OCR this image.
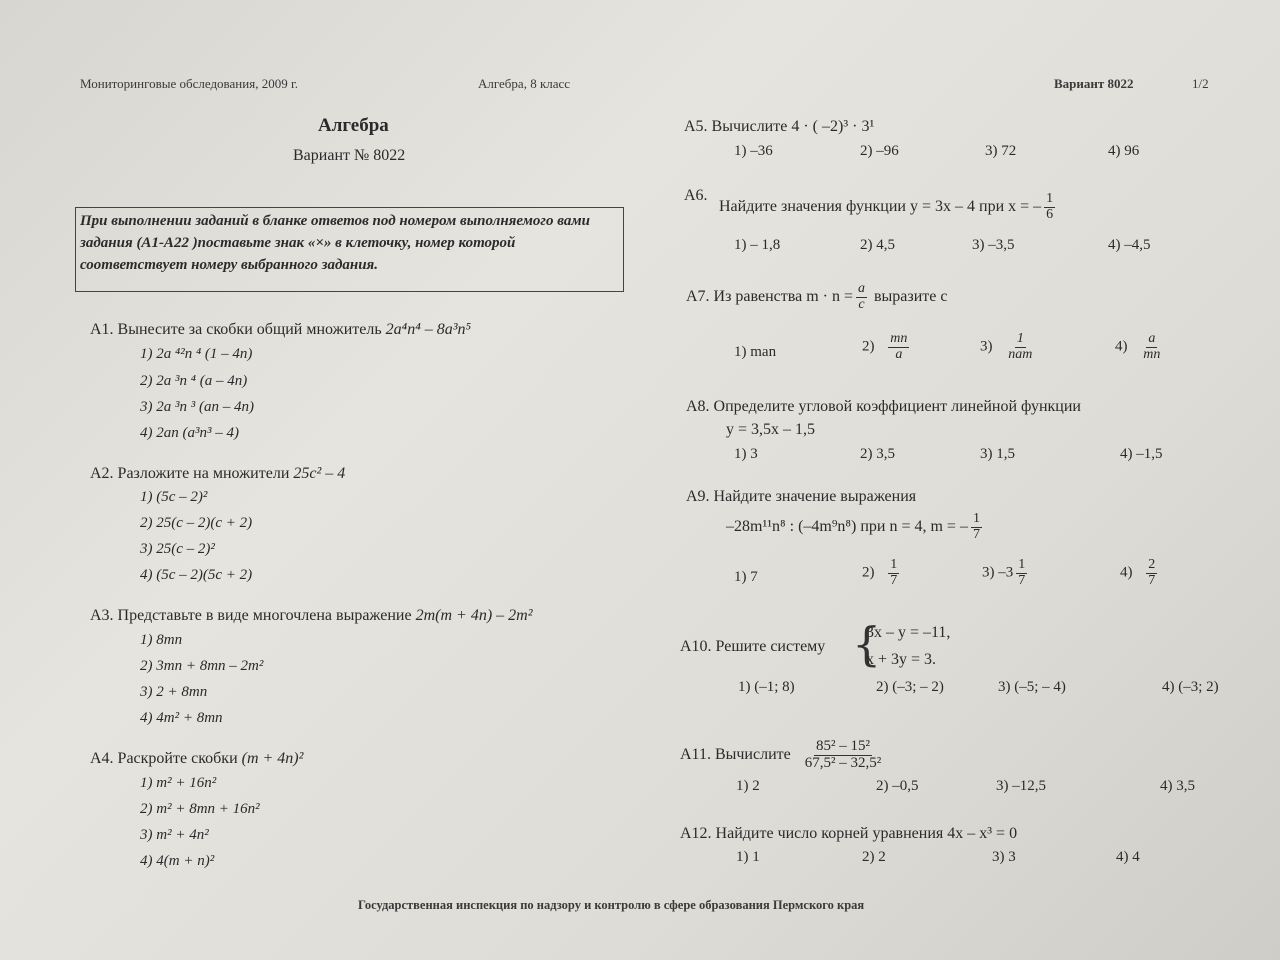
Мониторинговые обследования, 2009 г.	Алгебра, 8 класс	Вариант 8022	1/2
Алгебра
Вариант № 8022
При выполнении заданий в бланке ответов под номером выполняемого вами задания (А1-А22 )поставьте знак «×» в клеточку, номер которой соответствует номеру выбранного задания.
А1. Вынесите за скобки общий множитель 2a⁴n⁴ – 8a³n⁵
1) 2a ⁴²n ⁴ (1 – 4n)
2) 2a ³n ⁴ (a – 4n)
3) 2a ³n ³ (an – 4n)
4) 2an (a³n³ – 4)
А2. Разложите на множители 25c² – 4
1) (5c – 2)²
2) 25(c – 2)(c + 2)
3) 25(c – 2)²
4) (5c – 2)(5c + 2)
А3. Представьте в виде многочлена выражение 2m(m + 4n) – 2m²
1) 8mn
2) 3mn + 8mn – 2m²
3) 2 + 8mn
4) 4m² + 8mn
А4. Раскройте скобки (m + 4n)²
1) m² + 16n²
2) m² + 8mn + 16n²
3) m² + 4n²
4) 4(m + n)²
А5. Вычислите 4 · ( –2)³ · 3¹
1) –36	2) –96	3) 72	4) 96
А6.
Найдите значения функции y = 3x – 4 при x = – $\frac{1}{6}$
1) – 1,8	2) 4,5	3) –3,5	4) –4,5
А7. Из равенства $m \cdot n = \frac{a}{c}$ выразите c
1) man	$2) \frac{mn}{a}$	$3) \frac{1}{\text{nam}}$	$4) \frac{a}{mn}$
А8. Определите угловой коэффициент линейной функции
y = 3,5x – 1,5
1) 3	2) 3,5	3) 1,5	4) –1,5
А9. Найдите значение выражения
–28m¹¹n⁸ : (–4m⁹n⁸) при n = 4, m = – $\frac{1}{7}$
1) 7	$2) \frac{1}{7}$	3) $-3 \frac{1}{7}$	$4) \frac{2}{7}$
А10. Решите систему {
3x – y = –11,
x + 3y = 3.
1) (–1; 8)	2) (–3; – 2)	3) (–5; – 4)	4) (–3; 2)
А11. Вычислите $\frac{\text{85² – 15²}}{\text{67,5² – 32,5²}}$
1) 2	2) –0,5	3) –12,5	4) 3,5
А12. Найдите число корней уравнения 4x – x³ = 0
1) 1	2) 2	3) 3	4) 4
Государственная инспекция по надзору и контролю в сфере образования Пермского края
